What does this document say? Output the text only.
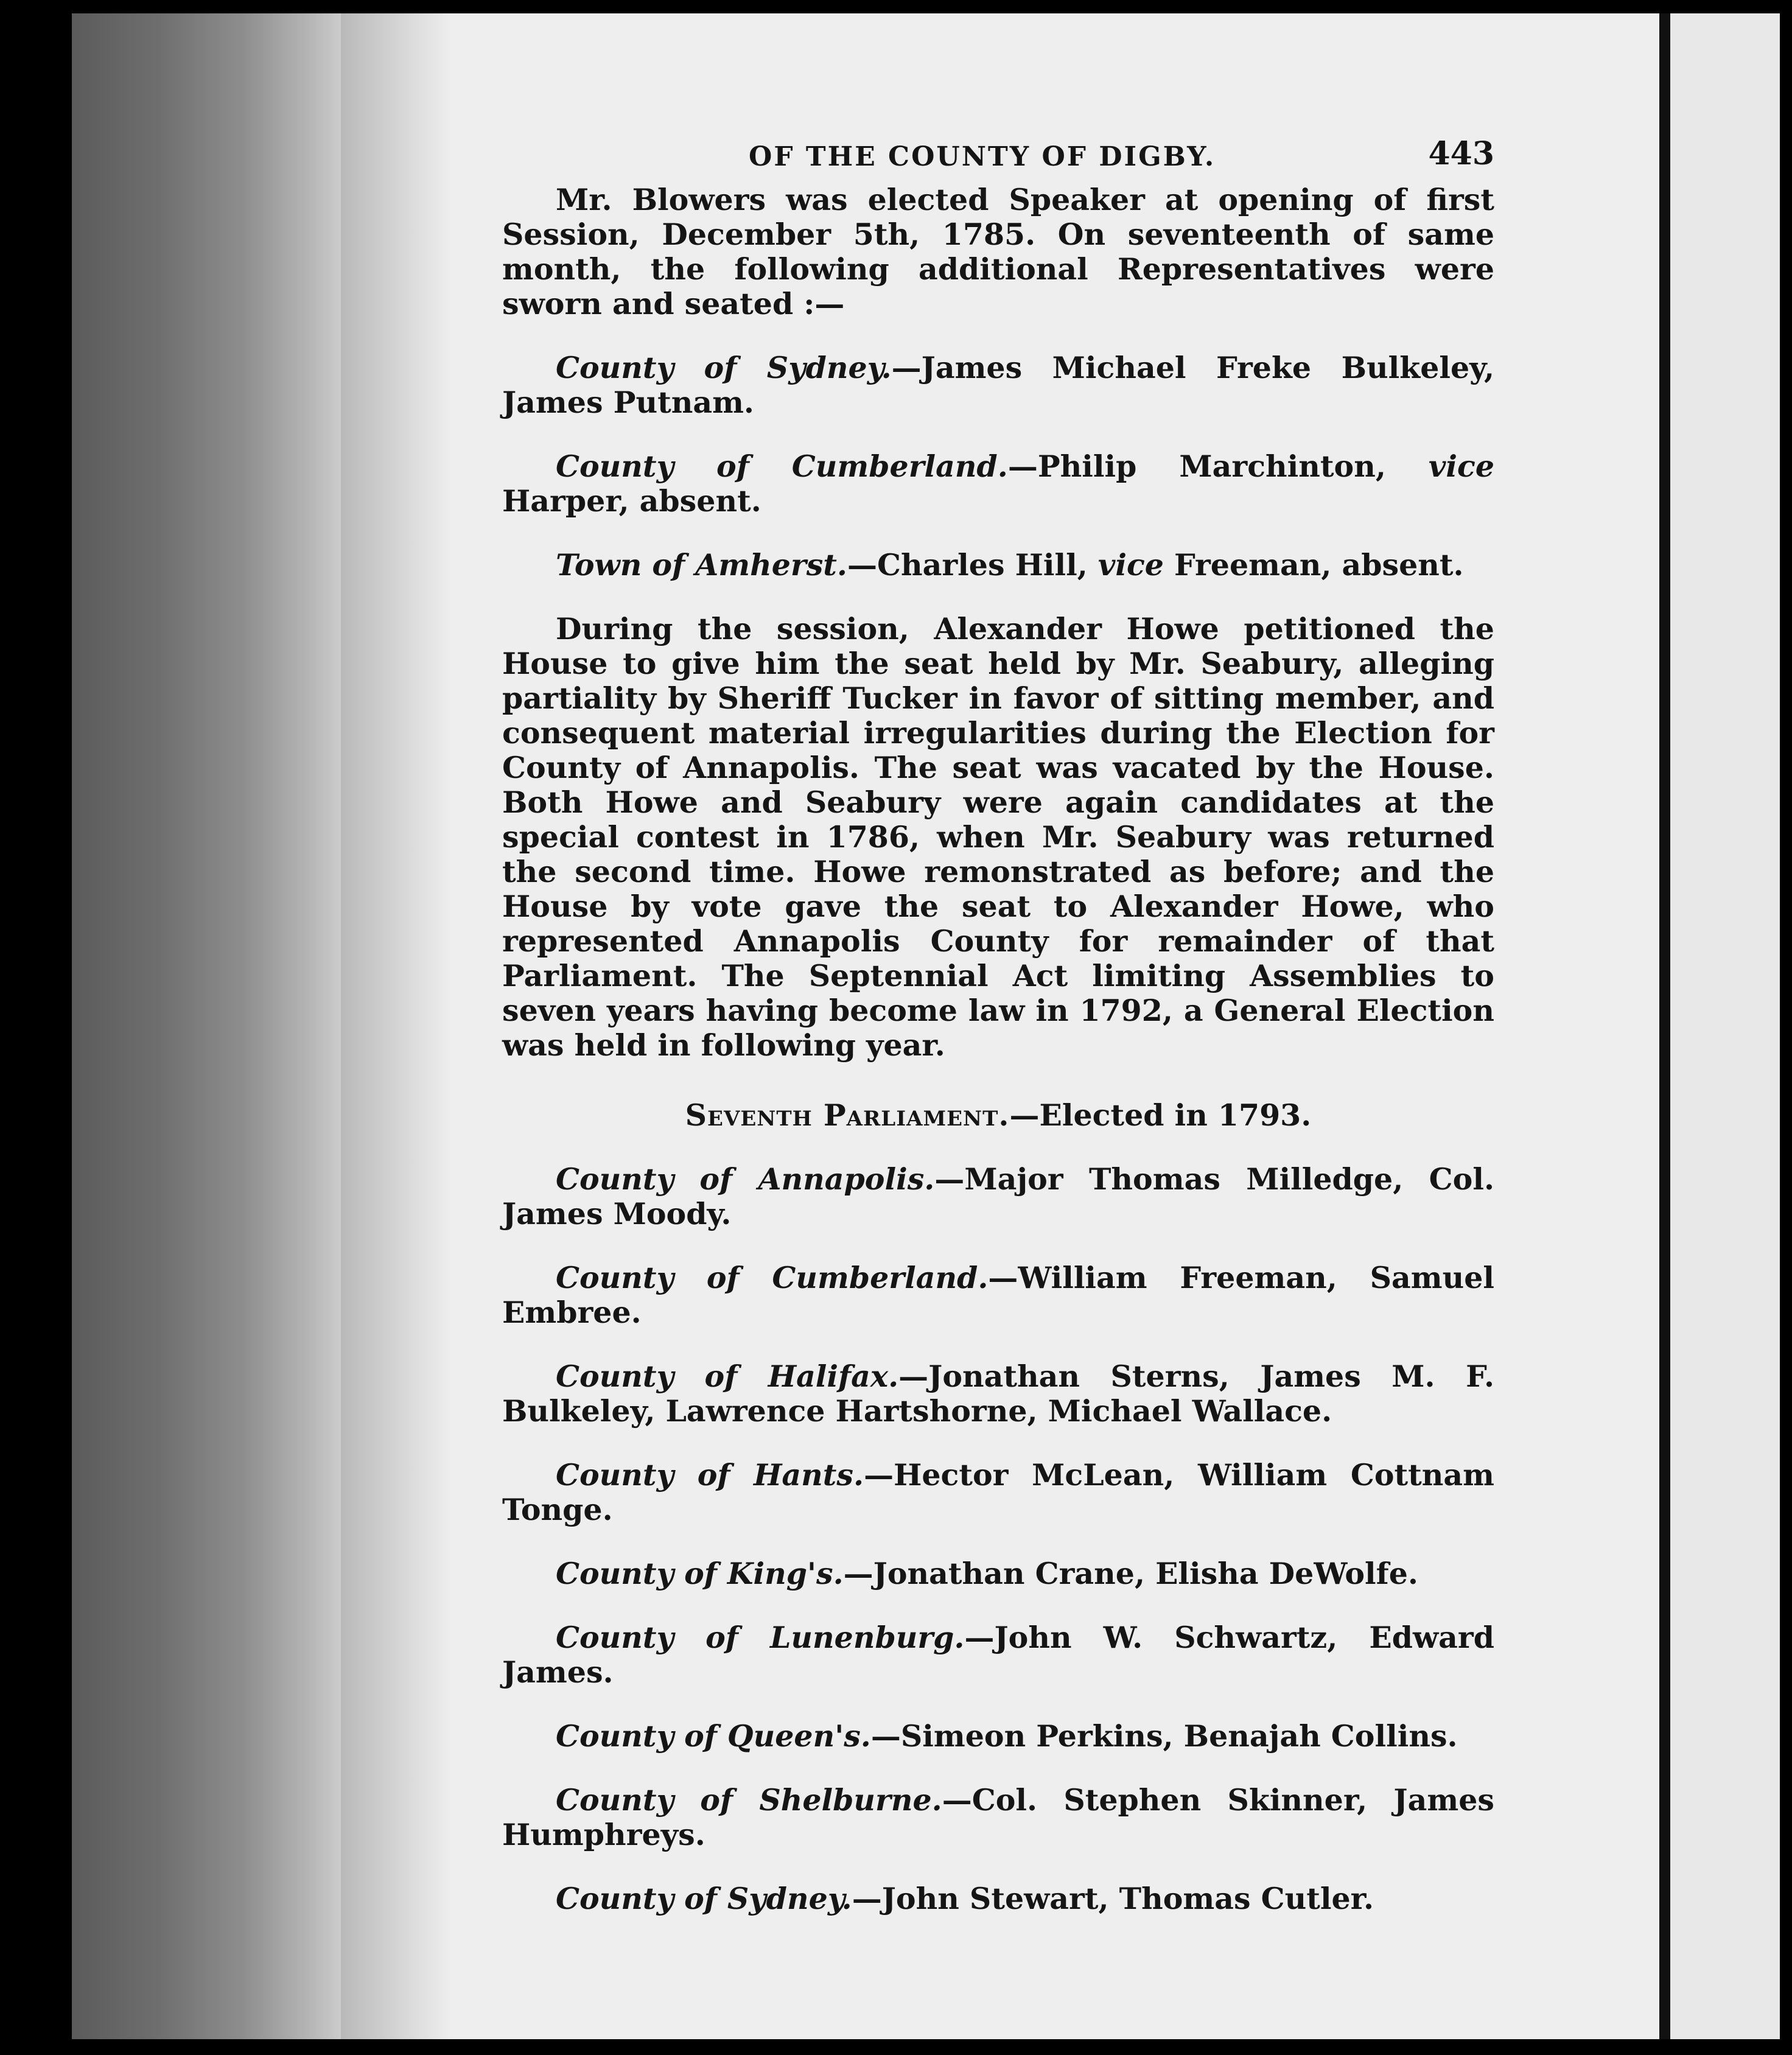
OF THE COUNTY OF DIGBY.	443

Mr. Blowers was elected Speaker at opening of first Session, December 5th, 1785. On seventeenth of same month, the following additional Representatives were sworn and seated :—

County of Sydney.—James Michael Freke Bulkeley, James Putnam.

County of Cumberland.—Philip Marchinton, vice Harper, absent.

Town of Amherst.—Charles Hill, vice Freeman, absent.

During the session, Alexander Howe petitioned the House to give him the seat held by Mr. Seabury, alleging partiality by Sheriff Tucker in favor of sitting member, and consequent material irregularities during the Election for County of Annapolis. The seat was vacated by the House. Both Howe and Seabury were again candidates at the special contest in 1786, when Mr. Seabury was returned the second time. Howe remonstrated as before; and the House by vote gave the seat to Alexander Howe, who represented Annapolis County for remainder of that Parliament. The Septennial Act limiting Assemblies to seven years having become law in 1792, a General Election was held in following year.

Seventh Parliament.—Elected in 1793.

County of Annapolis.—Major Thomas Milledge, Col. James Moody.

County of Cumberland.—William Freeman, Samuel Embree.

County of Halifax.—Jonathan Sterns, James M. F. Bulkeley, Lawrence Hartshorne, Michael Wallace.

County of Hants.—Hector McLean, William Cottnam Tonge.

County of King's.—Jonathan Crane, Elisha DeWolfe.

County of Lunenburg.—John W. Schwartz, Edward James.

County of Queen's.—Simeon Perkins, Benajah Collins.

County of Shelburne.—Col. Stephen Skinner, James Humphreys.

County of Sydney.—John Stewart, Thomas Cutler.
